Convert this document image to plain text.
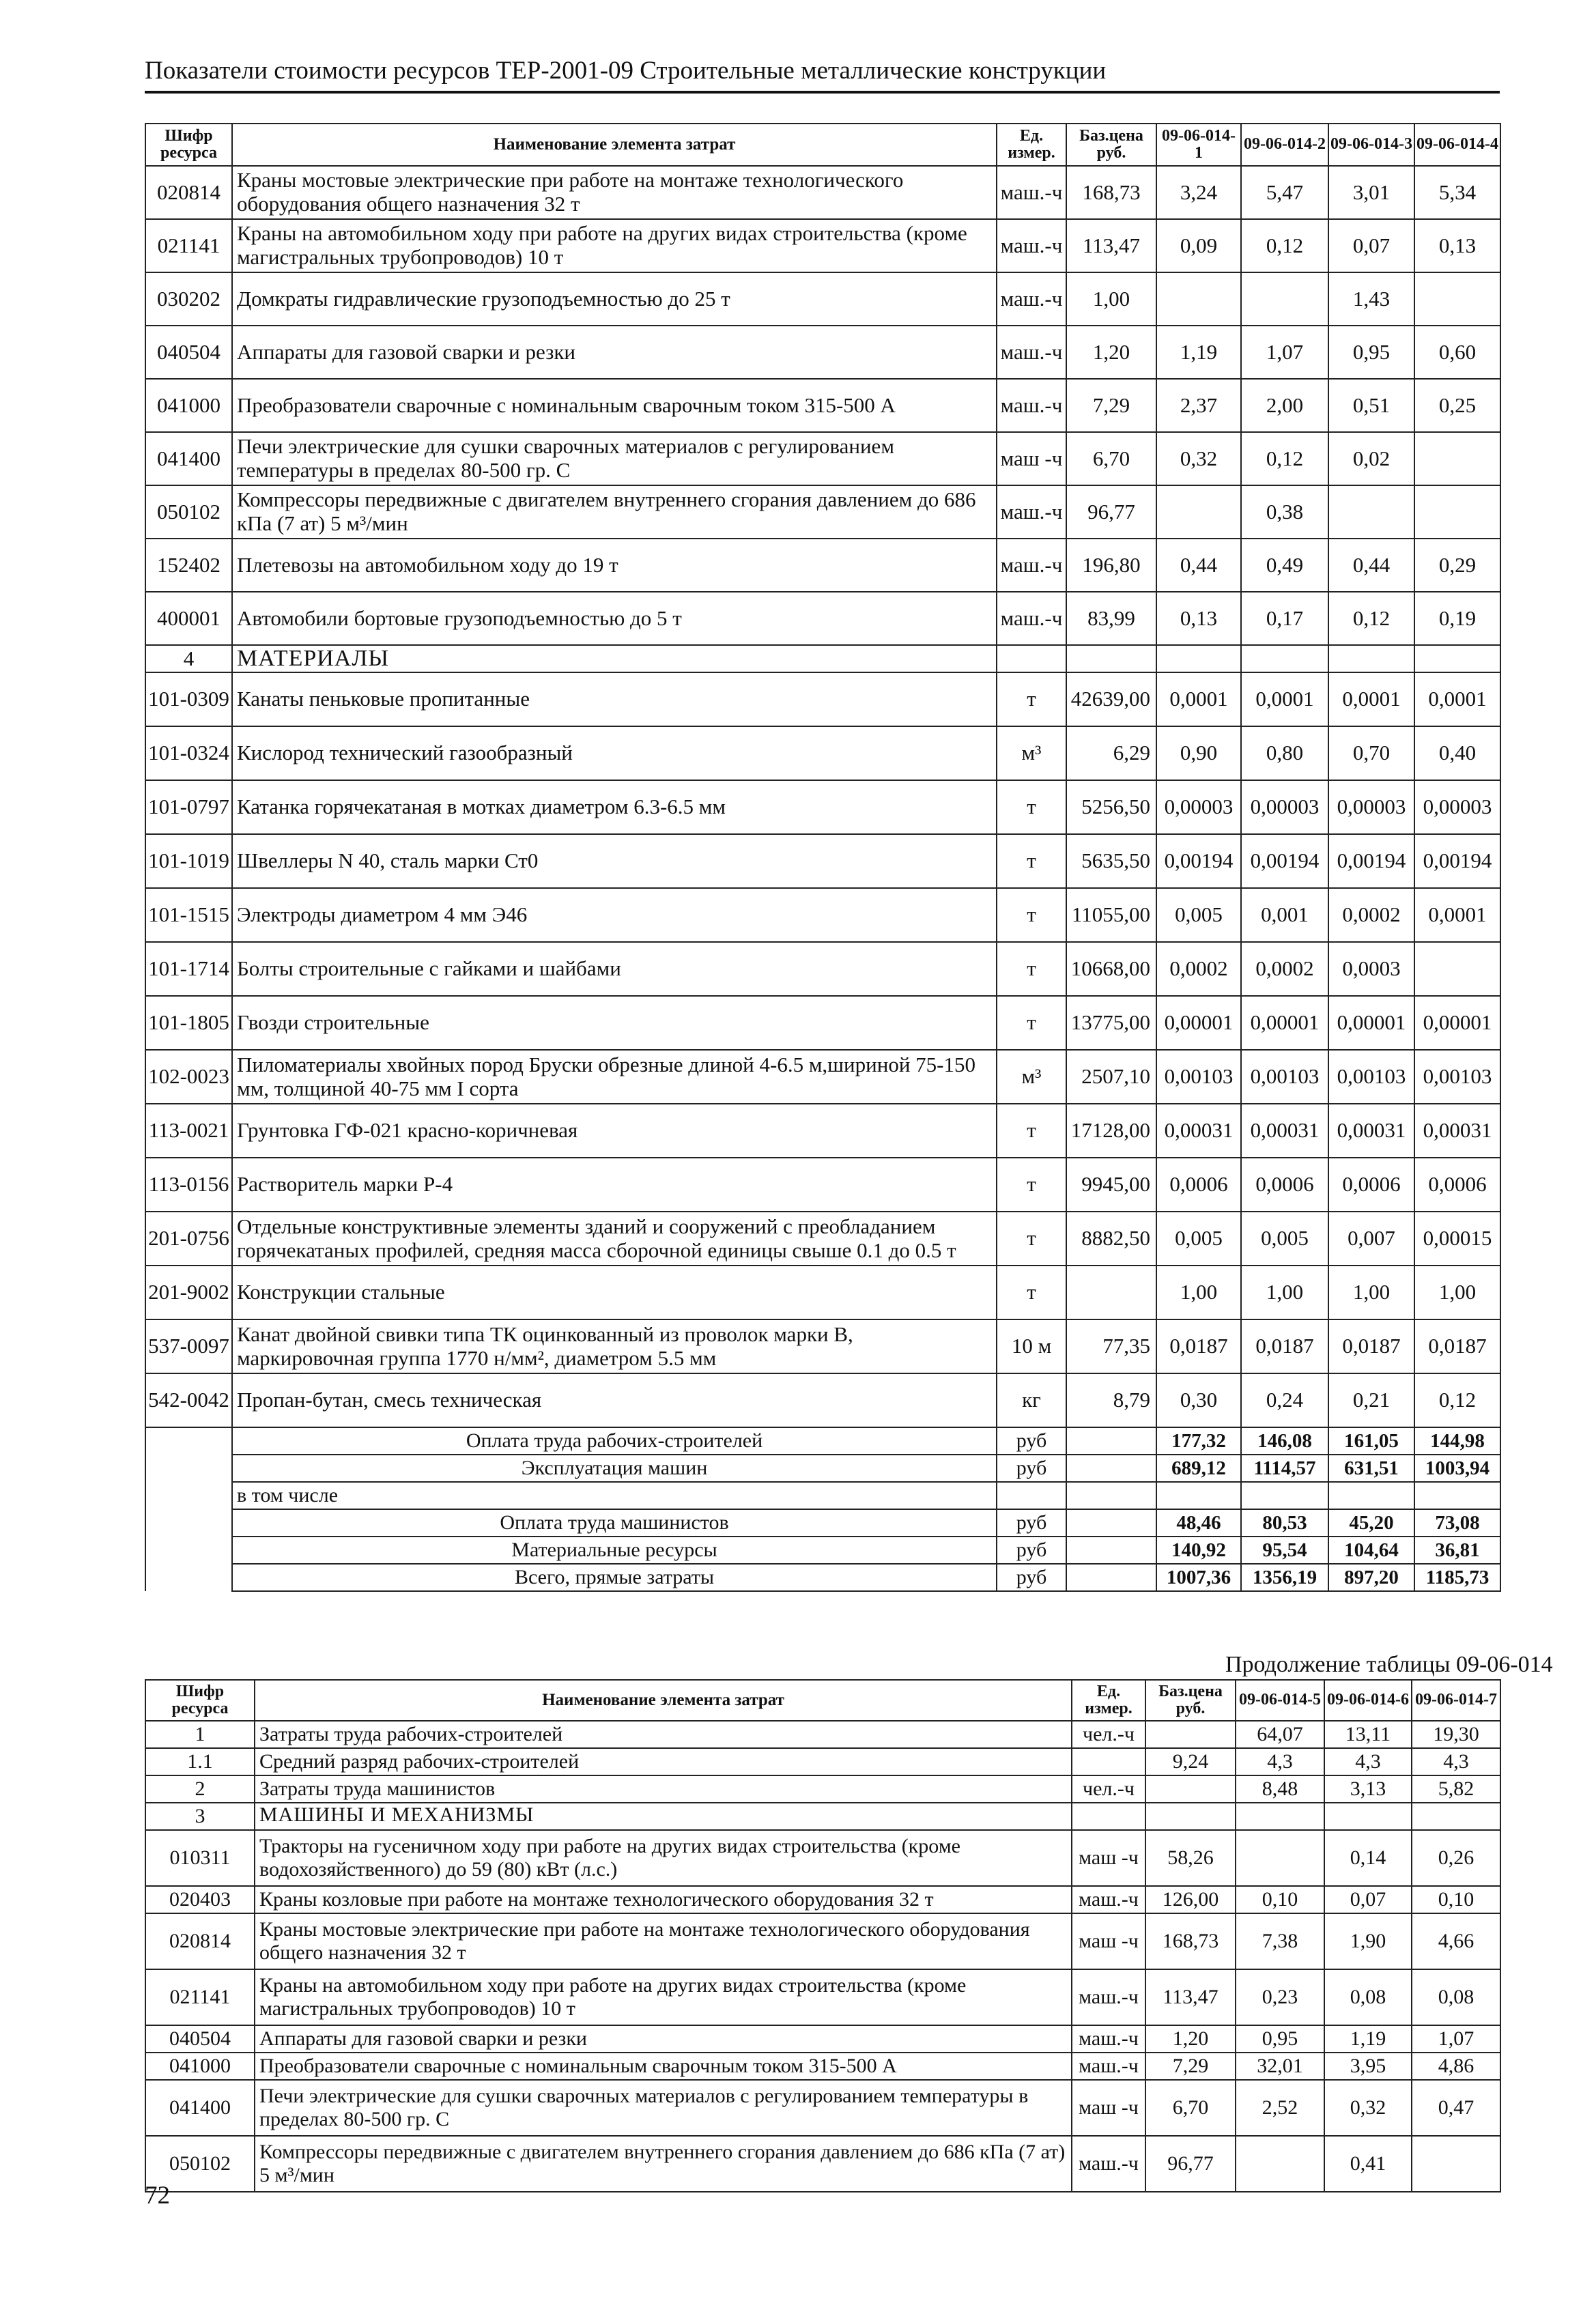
Показатели стоимости ресурсов ТЕР-2001-09 Строительные металлические конструкции
Шифр ресурса	Наименование элемента затрат	Ед. измер.	Баз.цена руб.	09-06-014-1	09-06-014-2	09-06-014-3	09-06-014-4
020814	Краны мостовые электрические при работе на монтаже технологического оборудования общего назначения 32 т	маш.-ч	168,73	3,24	5,47	3,01	5,34
021141	Краны на автомобильном ходу при работе на других видах строительства (кроме магистральных трубопроводов) 10 т	маш.-ч	113,47	0,09	0,12	0,07	0,13
030202	Домкраты гидравлические грузоподъемностью до 25 т	маш.-ч	1,00			1,43	
040504	Аппараты для газовой сварки и резки	маш.-ч	1,20	1,19	1,07	0,95	0,60
041000	Преобразователи сварочные с номинальным сварочным током 315-500 А	маш.-ч	7,29	2,37	2,00	0,51	0,25
041400	Печи электрические для сушки сварочных материалов с регулированием температуры в пределах 80-500 гр. С	маш -ч	6,70	0,32	0,12	0,02	
050102	Компрессоры передвижные с двигателем внутреннего сгорания давлением до 686 кПа (7 ат) 5 м³/мин	маш.-ч	96,77		0,38		
152402	Плетевозы на автомобильном ходу до 19 т	маш.-ч	196,80	0,44	0,49	0,44	0,29
400001	Автомобили бортовые грузоподъемностью до 5 т	маш.-ч	83,99	0,13	0,17	0,12	0,19
4	МАТЕРИАЛЫ						
101-0309	Канаты пеньковые пропитанные	т	42639,00	0,0001	0,0001	0,0001	0,0001
101-0324	Кислород технический газообразный	м³	6,29	0,90	0,80	0,70	0,40
101-0797	Катанка горячекатаная в мотках диаметром 6.3-6.5 мм	т	5256,50	0,00003	0,00003	0,00003	0,00003
101-1019	Швеллеры N 40, сталь марки Ст0	т	5635,50	0,00194	0,00194	0,00194	0,00194
101-1515	Электроды диаметром 4 мм Э46	т	11055,00	0,005	0,001	0,0002	0,0001
101-1714	Болты строительные с гайками и шайбами	т	10668,00	0,0002	0,0002	0,0003	
101-1805	Гвозди строительные	т	13775,00	0,00001	0,00001	0,00001	0,00001
102-0023	Пиломатериалы хвойных пород Бруски обрезные длиной 4-6.5 м,шириной 75-150 мм, толщиной 40-75 мм I сорта	м³	2507,10	0,00103	0,00103	0,00103	0,00103
113-0021	Грунтовка ГФ-021 красно-коричневая	т	17128,00	0,00031	0,00031	0,00031	0,00031
113-0156	Растворитель марки Р-4	т	9945,00	0,0006	0,0006	0,0006	0,0006
201-0756	Отдельные конструктивные элементы зданий и сооружений с преобладанием горячекатаных профилей, средняя масса сборочной единицы свыше 0.1 до 0.5 т	т	8882,50	0,005	0,005	0,007	0,00015
201-9002	Конструкции стальные	т		1,00	1,00	1,00	1,00
537-0097	Канат двойной свивки типа ТК оцинкованный из проволок марки В, маркировочная группа 1770 н/мм², диаметром 5.5 мм	10 м	77,35	0,0187	0,0187	0,0187	0,0187
542-0042	Пропан-бутан, смесь техническая	кг	8,79	0,30	0,24	0,21	0,12
	Оплата труда рабочих-строителей	руб		177,32	146,08	161,05	144,98
	Эксплуатация машин	руб		689,12	1114,57	631,51	1003,94
	в том числе						
	Оплата труда машинистов	руб		48,46	80,53	45,20	73,08
	Материальные ресурсы	руб		140,92	95,54	104,64	36,81
	Всего, прямые затраты	руб		1007,36	1356,19	897,20	1185,73
Продолжение таблицы 09-06-014
Шифр ресурса	Наименование элемента затрат	Ед. измер.	Баз.цена руб.	09-06-014-5	09-06-014-6	09-06-014-7
1	Затраты труда рабочих-строителей	чел.-ч		64,07	13,11	19,30
1.1	Средний разряд рабочих-строителей		9,24	4,3	4,3	4,3
2	Затраты труда машинистов	чел.-ч		8,48	3,13	5,82
3	МАШИНЫ И МЕХАНИЗМЫ					
010311	Тракторы на гусеничном ходу при работе на других видах строительства (кроме водохозяйственного) до 59 (80) кВт (л.с.)	маш -ч	58,26		0,14	0,26
020403	Краны козловые при работе на монтаже технологического оборудования 32 т	маш.-ч	126,00	0,10	0,07	0,10
020814	Краны мостовые электрические при работе на монтаже технологического оборудования общего назначения 32 т	маш -ч	168,73	7,38	1,90	4,66
021141	Краны на автомобильном ходу при работе на других видах строительства (кроме магистральных трубопроводов) 10 т	маш.-ч	113,47	0,23	0,08	0,08
040504	Аппараты для газовой сварки и резки	маш.-ч	1,20	0,95	1,19	1,07
041000	Преобразователи сварочные с номинальным сварочным током 315-500 А	маш.-ч	7,29	32,01	3,95	4,86
041400	Печи электрические для сушки сварочных материалов с регулированием температуры в пределах 80-500 гр. С	маш -ч	6,70	2,52	0,32	0,47
050102	Компрессоры передвижные с двигателем внутреннего сгорания давлением до 686 кПа (7 ат) 5 м³/мин	маш.-ч	96,77		0,41	
72
